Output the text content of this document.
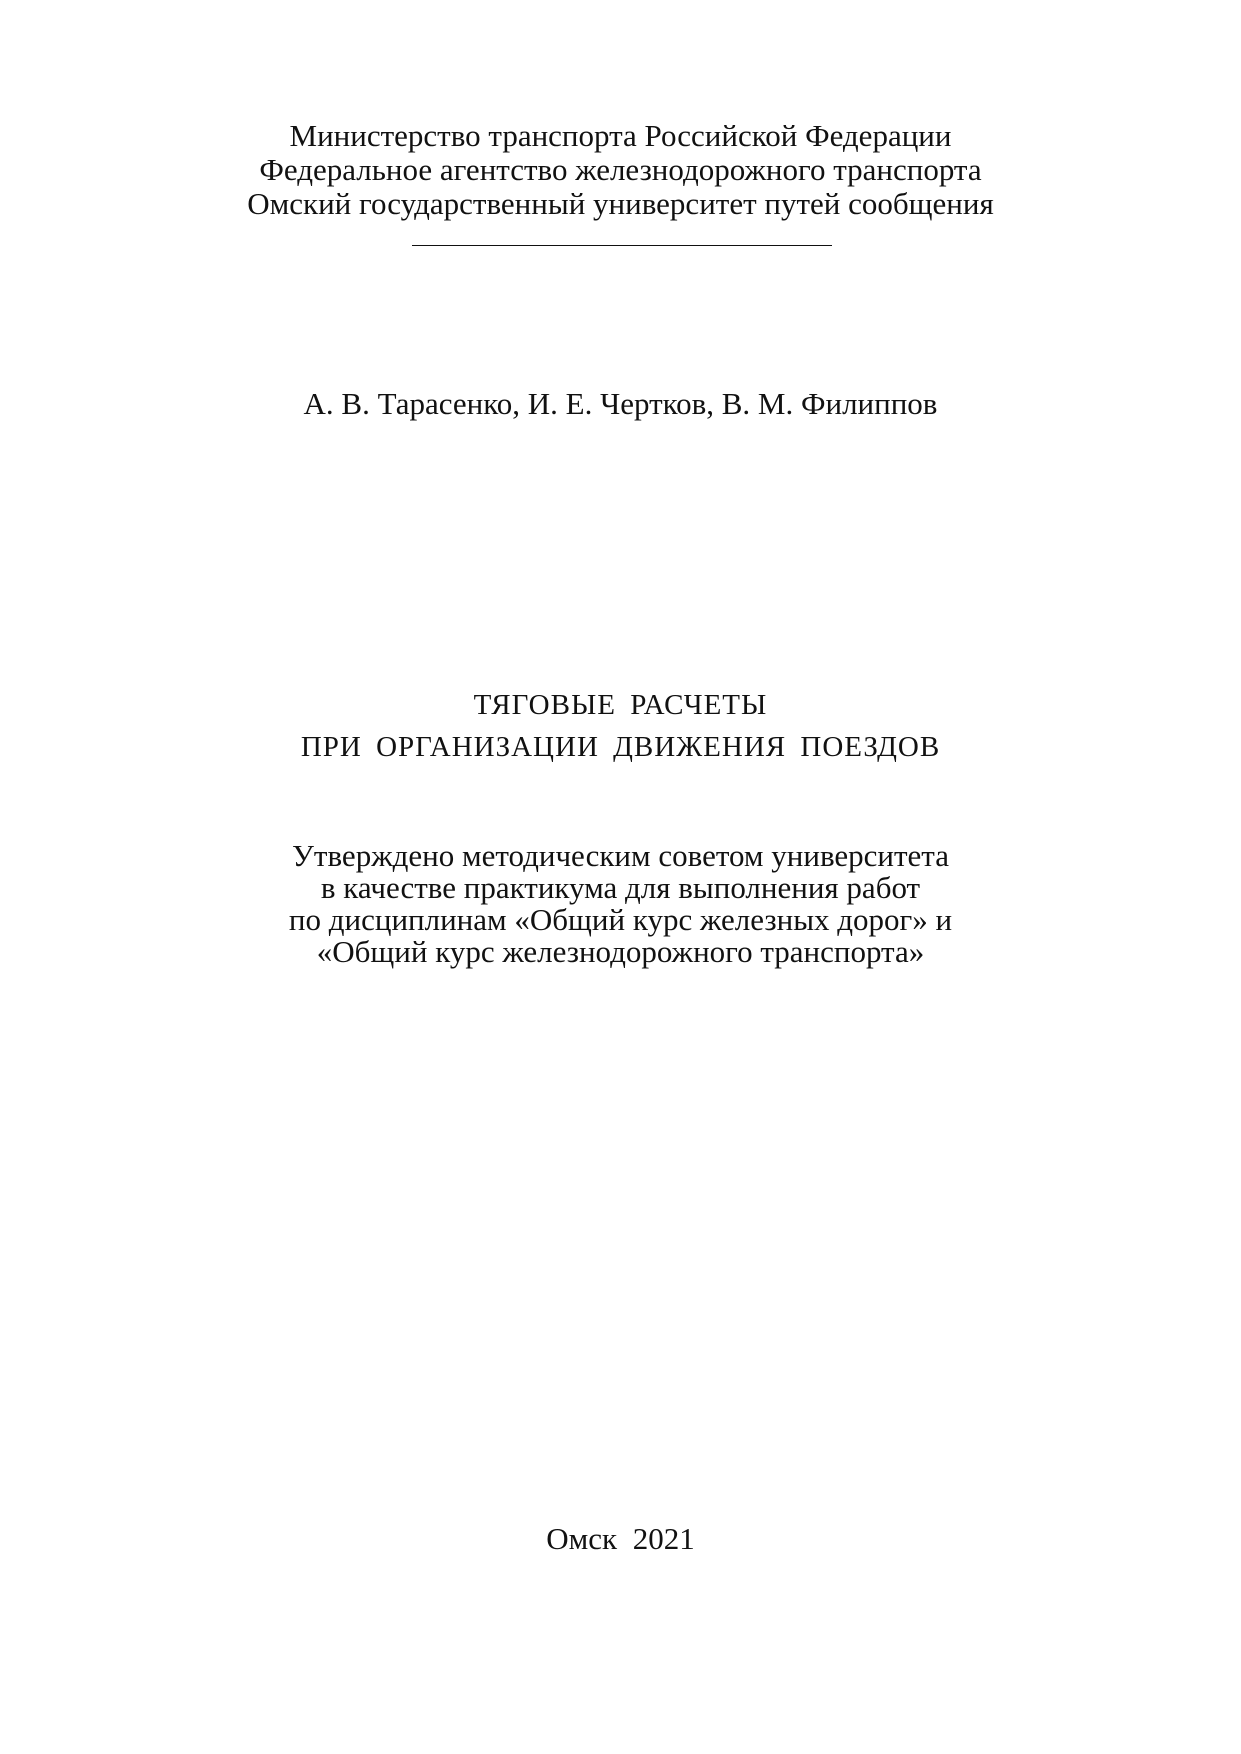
Министерство транспорта Российской Федерации
Федеральное агентство железнодорожного транспорта
Омский государственный университет путей сообщения
А. В. Тарасенко, И. Е. Чертков, В. М. Филиппов
ТЯГОВЫЕ РАСЧЕТЫ
ПРИ ОРГАНИЗАЦИИ ДВИЖЕНИЯ ПОЕЗДОВ
Утверждено методическим советом университета
в качестве практикума для выполнения работ
по дисциплинам «Общий курс железных дорог» и
«Общий курс железнодорожного транспорта»
Омск 2021
